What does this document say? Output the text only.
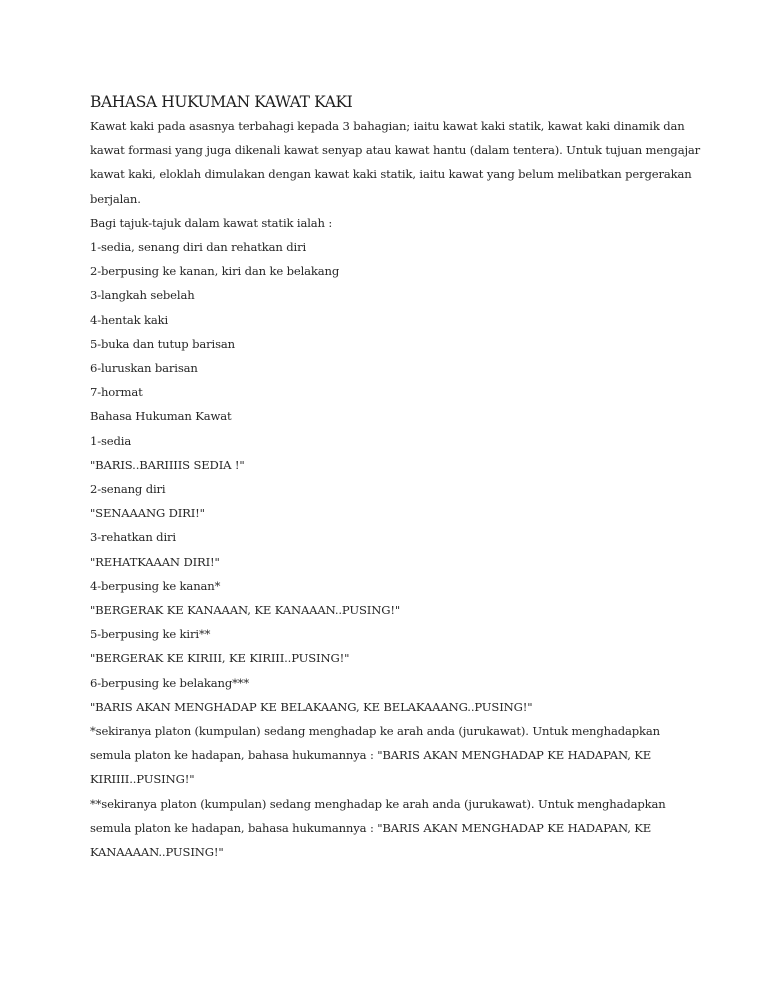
BAHASA HUKUMAN KAWAT KAKI
Kawat kaki pada asasnya terbahagi kepada 3 bahagian; iaitu kawat kaki statik, kawat kaki dinamik dan
kawat formasi yang juga dikenali kawat senyap atau kawat hantu (dalam tentera). Untuk tujuan mengajar
kawat kaki, eloklah dimulakan dengan kawat kaki statik, iaitu kawat yang belum melibatkan pergerakan
berjalan.
Bagi tajuk-tajuk dalam kawat statik ialah :
1-sedia, senang diri dan rehatkan diri
2-berpusing ke kanan, kiri dan ke belakang
3-langkah sebelah
4-hentak kaki
5-buka dan tutup barisan
6-luruskan barisan
7-hormat
Bahasa Hukuman Kawat
1-sedia
"BARIS..BARIIIIS SEDIA !"
2-senang diri
"SENAAANG DIRI!"
3-rehatkan diri
"REHATKAAAN DIRI!"
4-berpusing ke kanan*
"BERGERAK KE KANAAAN, KE KANAAAN..PUSING!"
5-berpusing ke kiri**
"BERGERAK KE KIRIII, KE KIRIII..PUSING!"
6-berpusing ke belakang***
"BARIS AKAN MENGHADAP KE BELAKAANG, KE BELAKAAANG..PUSING!"
*sekiranya platon (kumpulan) sedang menghadap ke arah anda (jurukawat). Untuk menghadapkan
semula platon ke hadapan, bahasa hukumannya : "BARIS AKAN MENGHADAP KE HADAPAN, KE
KIRIIII..PUSING!"
**sekiranya platon (kumpulan) sedang menghadap ke arah anda (jurukawat). Untuk menghadapkan
semula platon ke hadapan, bahasa hukumannya : "BARIS AKAN MENGHADAP KE HADAPAN, KE
KANAAAAN..PUSING!"
